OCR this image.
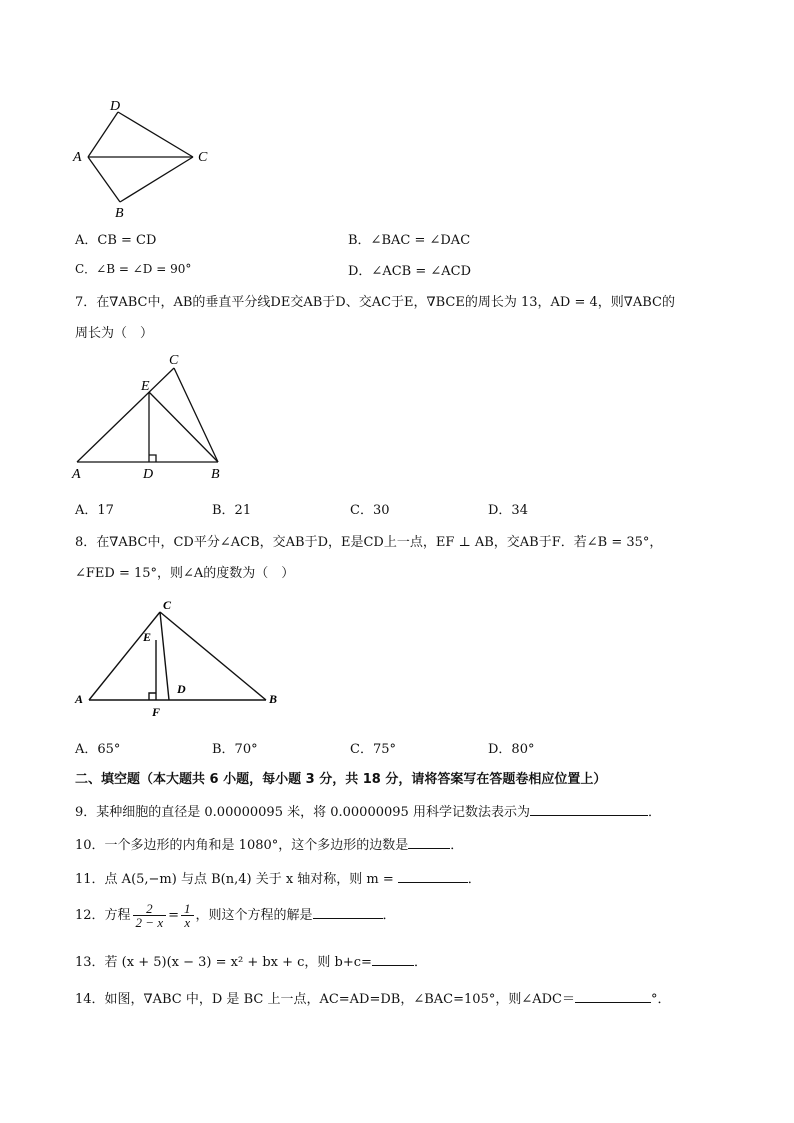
D
A	C
B
A．CB = CD	B．∠BAC = ∠DAC
C．∠B = ∠D = 90°	D．∠ACB = ∠ACD
7．在∇ABC中，AB的垂直平分线DE交AB于D、交AC于E，∇BCE的周长为 13，AD = 4，则∇ABC的
周长为（　）
C
E
A	D	B
A．17	B．21	C．30	D．34
8．在∇ABC中，CD平分∠ACB，交AB于D，E是CD上一点，EF ⊥ AB，交AB于F．若∠B = 35°，
∠FED = 15°，则∠A的度数为（　）
C
E
D
A
F
B
A．65°	B．70°	C．75°	D．80°
二、填空题（本大题共 6 小题，每小题 3 分，共 18 分，请将答案写在答题卷相应位置上）
9．某种细胞的直径是 0.00000095 米，将 0.00000095 用科学记数法表示为	．
10．一个多边形的内角和是 1080°，这个多边形的边数是	．
11．点 A(5,−m) 与点 B(n,4) 关于 x 轴对称，则 m =	．
12．方程 $\frac{2}{2 - x} = \frac{1}{x}$ ，则这个方程的解是	．
13．若 (x + 5)(x − 3) = x² + bx + c，则 b+c=	．
14．如图，∇ABC 中，D 是 BC 上一点，AC=AD=DB，∠BAC=105°，则∠ADC＝	°．
